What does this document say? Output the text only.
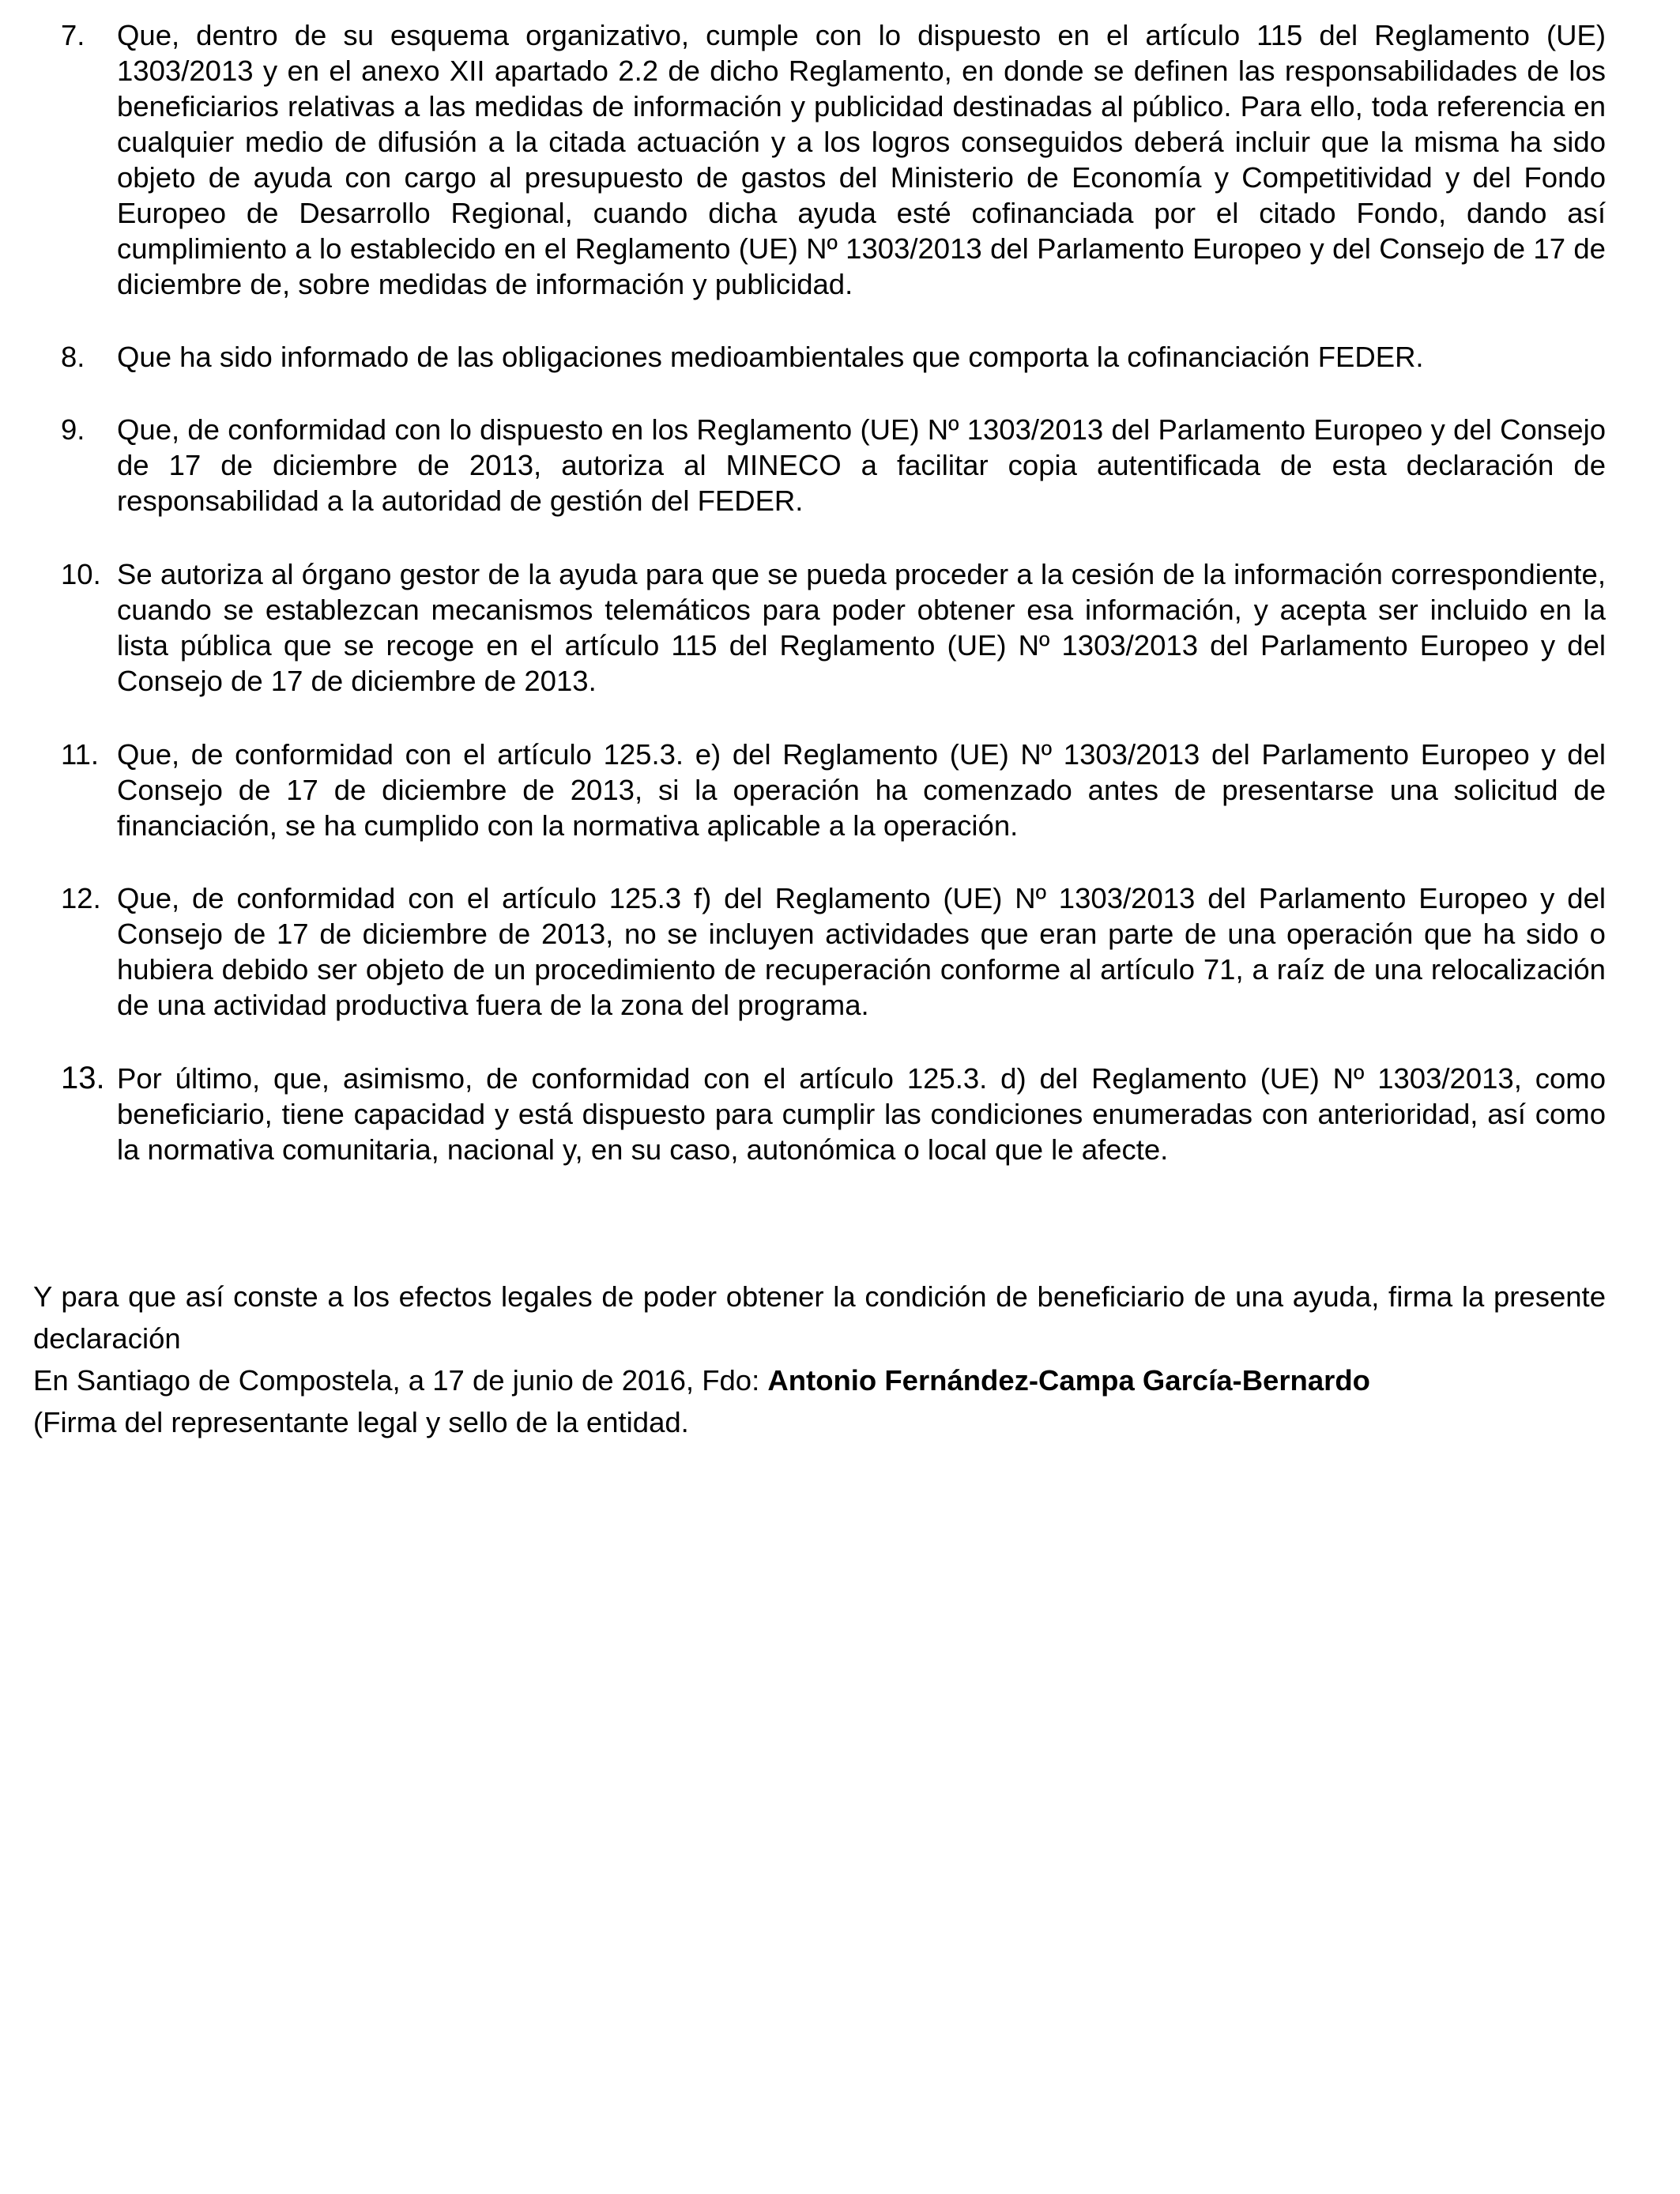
7.	Que, dentro de su esquema organizativo, cumple con lo dispuesto en el artículo 115 del Reglamento (UE) 1303/2013 y en el anexo XII apartado 2.2 de dicho Reglamento, en donde se definen las responsabilidades de los beneficiarios relativas a las medidas de información y publicidad destinadas al público. Para ello, toda referencia en cualquier medio de difusión a la citada actuación y a los logros conseguidos deberá incluir que la misma ha sido objeto de ayuda con cargo al presupuesto de gastos del Ministerio de Economía y Competitividad y del Fondo Europeo de Desarrollo Regional, cuando dicha ayuda esté cofinanciada por el citado Fondo, dando así cumplimiento a lo establecido en el Reglamento (UE) Nº 1303/2013 del Parlamento Europeo y del Consejo de 17 de diciembre de, sobre medidas de información y publicidad.
8.	Que ha sido informado de las obligaciones medioambientales que comporta la cofinanciación FEDER.
9.	Que, de conformidad con lo dispuesto en los Reglamento (UE) Nº 1303/2013 del Parlamento Europeo y del Consejo de 17 de diciembre de 2013, autoriza al MINECO a facilitar copia autentificada de esta declaración de responsabilidad a la autoridad de gestión del FEDER.
10. Se autoriza al órgano gestor de la ayuda para que se pueda proceder a la cesión de la información correspondiente, cuando se establezcan mecanismos telemáticos para poder obtener esa información, y acepta ser incluido en la lista pública que se recoge en el artículo 115 del Reglamento (UE) Nº 1303/2013 del Parlamento Europeo y del Consejo de 17 de diciembre de 2013.
11. Que, de conformidad con el artículo 125.3. e) del Reglamento (UE) Nº 1303/2013 del Parlamento Europeo y del Consejo de 17 de diciembre de 2013, si la operación ha comenzado antes de presentarse una solicitud de financiación, se ha cumplido con la normativa aplicable a la operación.
12. Que, de conformidad con el artículo 125.3 f) del Reglamento (UE) Nº 1303/2013 del Parlamento Europeo y del Consejo de 17 de diciembre de 2013, no se incluyen actividades que eran parte de una operación que ha sido o hubiera debido ser objeto de un procedimiento de recuperación conforme al artículo 71, a raíz de una relocalización de una actividad productiva fuera de la zona del programa.
13. Por último, que, asimismo, de conformidad con el artículo 125.3. d) del Reglamento (UE) Nº 1303/2013, como beneficiario, tiene capacidad y está dispuesto para cumplir las condiciones enumeradas con anterioridad, así como la normativa comunitaria, nacional y, en su caso, autonómica o local que le afecte.

Y para que así conste a los efectos legales de poder obtener la condición de beneficiario de una ayuda, firma la presente declaración

En Santiago de Compostela, a 17 de junio de 2016, Fdo: Antonio Fernández-Campa García-Bernardo

(Firma del representante legal y sello de la entidad.
